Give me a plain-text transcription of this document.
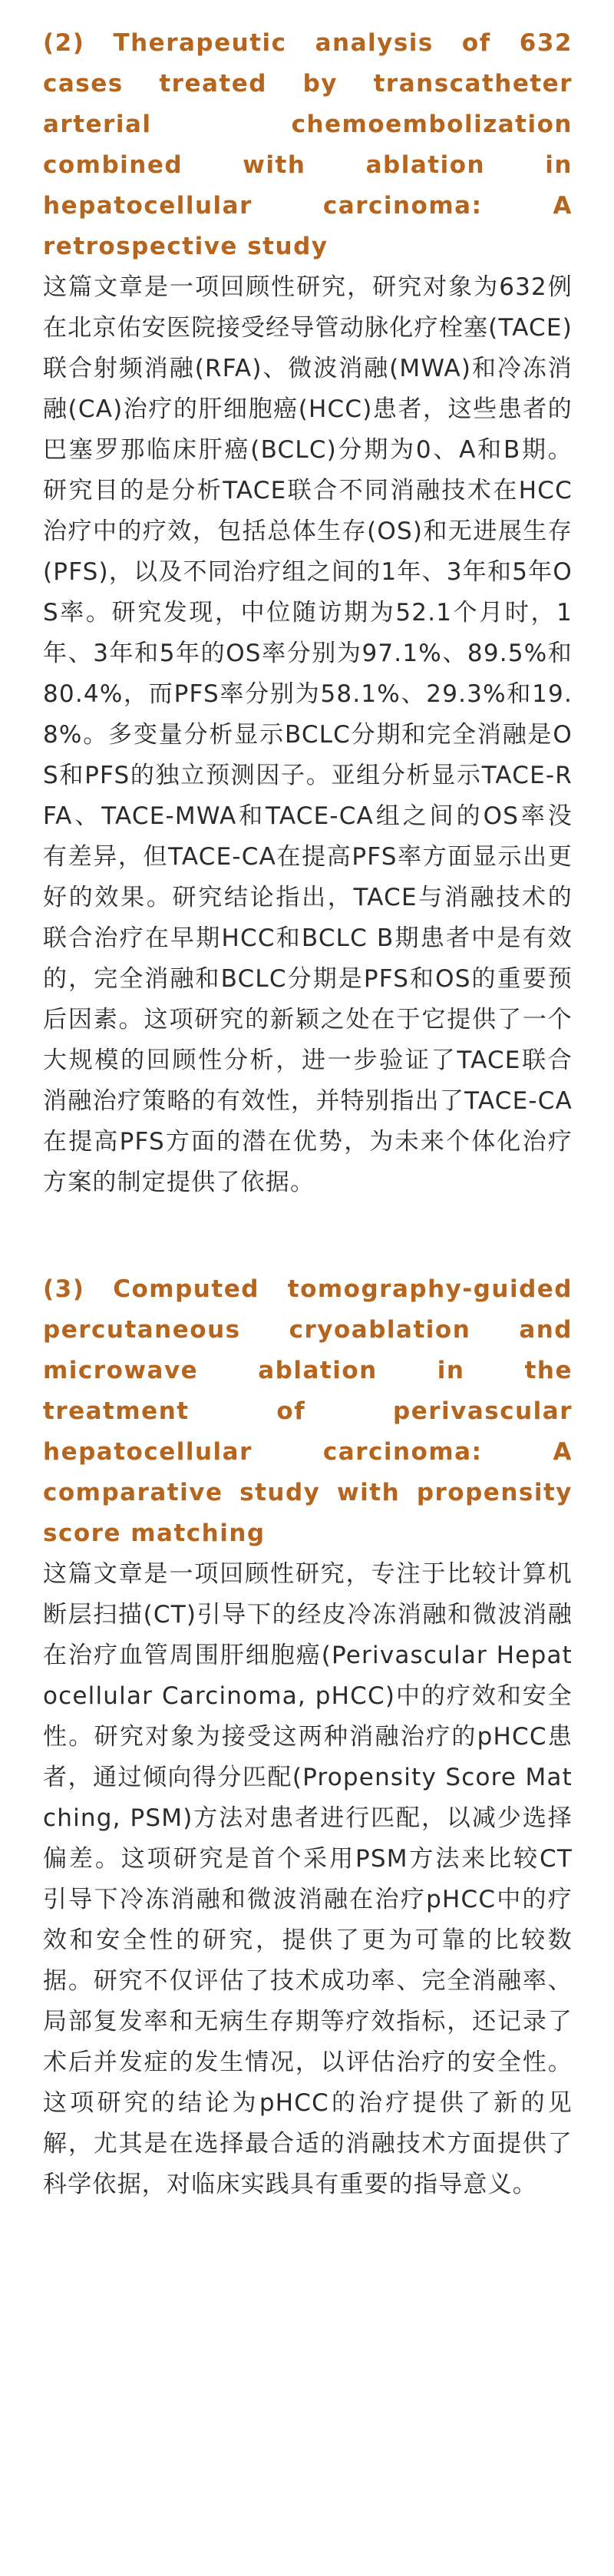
(2) Therapeutic analysis of 632 cases treated by transcatheter arterial chemoembolization combined with ablation in hepatocellular carcinoma: A retrospective study

这篇文章是一项回顾性研究，研究对象为632例在北京佑安医院接受经导管动脉化疗栓塞(TACE)联合射频消融(RFA)、微波消融(MWA)和冷冻消融(CA)治疗的肝细胞癌(HCC)患者，这些患者的巴塞罗那临床肝癌(BCLC)分期为0、A和B期。研究目的是分析TACE联合不同消融技术在HCC治疗中的疗效，包括总体生存(OS)和无进展生存(PFS)，以及不同治疗组之间的1年、3年和5年OS率。研究发现，中位随访期为52.1个月时，1年、3年和5年的OS率分别为97.1%、89.5%和80.4%，而PFS率分别为58.1%、29.3%和19.8%。多变量分析显示BCLC分期和完全消融是OS和PFS的独立预测因子。亚组分析显示TACE-RFA、TACE-MWA和TACE-CA组之间的OS率没有差异，但TACE-CA在提高PFS率方面显示出更好的效果。研究结论指出，TACE与消融技术的联合治疗在早期HCC和BCLC B期患者中是有效的，完全消融和BCLC分期是PFS和OS的重要预后因素。这项研究的新颖之处在于它提供了一个大规模的回顾性分析，进一步验证了TACE联合消融治疗策略的有效性，并特别指出了TACE-CA在提高PFS方面的潜在优势，为未来个体化治疗方案的制定提供了依据。

(3) Computed tomography-guided percutaneous cryoablation and microwave ablation in the treatment of perivascular hepatocellular carcinoma: A comparative study with propensity score matching

这篇文章是一项回顾性研究，专注于比较计算机断层扫描(CT)引导下的经皮冷冻消融和微波消融在治疗血管周围肝细胞癌(Perivascular Hepatocellular Carcinoma, pHCC)中的疗效和安全性。研究对象为接受这两种消融治疗的pHCC患者，通过倾向得分匹配(Propensity Score Matching, PSM)方法对患者进行匹配，以减少选择偏差。这项研究是首个采用PSM方法来比较CT引导下冷冻消融和微波消融在治疗pHCC中的疗效和安全性的研究，提供了更为可靠的比较数据。研究不仅评估了技术成功率、完全消融率、局部复发率和无病生存期等疗效指标，还记录了术后并发症的发生情况，以评估治疗的安全性。这项研究的结论为pHCC的治疗提供了新的见解，尤其是在选择最合适的消融技术方面提供了科学依据，对临床实践具有重要的指导意义。
